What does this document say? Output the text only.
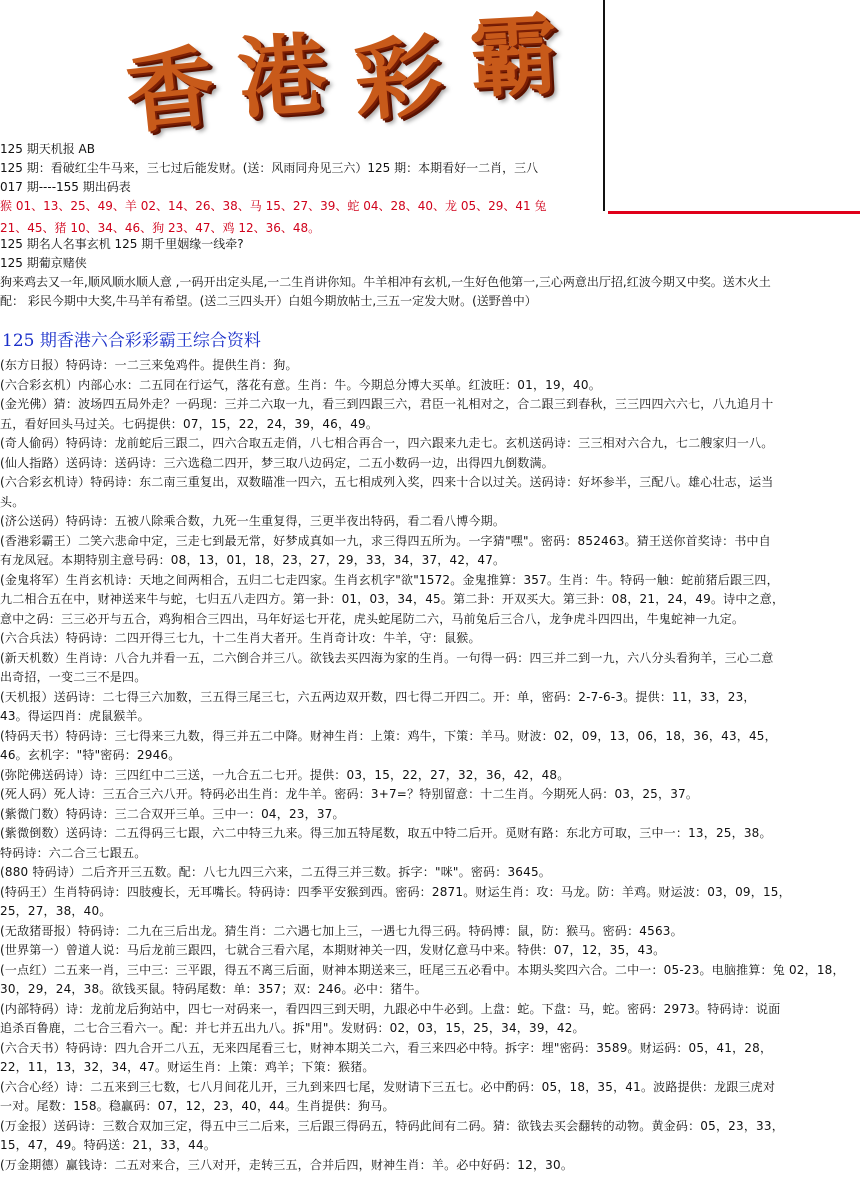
香 港 彩 霸
125 期天机报 AB
125 期：看破红尘牛马来，三七过后能发财。(送：风雨同舟见三六）125 期：本期看好一二肖，三八
017 期----155 期出码表
猴 01、13、25、49、羊 02、14、26、38、马 15、27、39、蛇 04、28、40、龙 05、29、41 兔
21、45、猪 10、34、46、狗 23、47、鸡 12、36、48。
125 期名人名事玄机 125 期千里姻缘一线牵?
125 期葡京赌侠
狗来鸡去又一年,顺风顺水顺人意 ,一码开出定头尾,一二生肖讲你知。牛羊相冲有玄机,一生好色他第一,三心两意出厅招,红波今期又中奖。送木火土
配： 彩民今期中大奖,牛马羊有希望。(送二三四头开）白姐今期放帖士,三五一定发大财。(送野兽中）
125 期香港六合彩彩霸王综合资料
(东方日报）特码诗：一二三来兔鸡件。提供生肖：狗。
(六合彩玄机）内部心水：二五同在行运气，落花有意。生肖：牛。今期总分博大买单。红波旺：01，19，40。
(金光佛）猜：波场四五局外走？一码现：三并二六取一九，看三到四跟三六，君臣一礼相对之，合二跟三到春秋，三三四四六六七，八九追月十
五，看好回头马过关。七码提供：07，15，22，24，39，46，49。
(奇人偷码）特码诗：龙前蛇后三跟二，四六合取五走俏，八七相合再合一，四六跟来九走七。玄机送码诗：三三相对六合九，七二艘家归一八。
(仙人指路）送码诗：送码诗：三六选稳二四开，梦三取八边码定，二五小数码一边，出得四九倒数满。
(六合彩玄机诗）特码诗：东二南三重复出，双数瞄准一四六，五七相成列入奖，四来十合以过关。送码诗：好坏参半，三配八。雄心壮志，运当
头。
(济公送码）特码诗：五被八除乘合数，九死一生重复得，三更半夜出特码，看二看八博今期。
(香港彩霸王）二笑六悲命中定，三走七到最无常，好梦成真如一九，求三得四五所为。一字猜"嘿"。密码：852463。猜王送你首奖诗：书中自
有龙凤冠。本期特别主意号码：08，13，01，18，23，27，29，33，34，37，42，47。
(金鬼将军）生肖玄机诗：天地之间两相合，五归二七走四家。生肖玄机字"欲"1572。金鬼推算：357。生肖：牛。特码一触：蛇前猪后跟三四，
九二相合五在中，财神送来牛与蛇，七归五八走四方。第一卦：01，03，34，45。第二卦：开双买大。第三卦：08，21，24，49。诗中之意，
意中之码：三三必开与五合，鸡狗相合三四出，马年好运七开花，虎头蛇尾防二六，马前兔后三合八，龙争虎斗四四出，牛鬼蛇神一九定。
(六合兵法）特码诗：二四开得三七九，十二生肖大者开。生肖奇计攻：牛羊，守：鼠猴。
(新天机数）生肖诗：八合九并看一五，二六倒合并三八。欲钱去买四海为家的生肖。一句得一码：四三并二到一九，六八分头看狗羊，三心二意
出奇招，一变二三不是四。
(天机报）送码诗：二七得三六加数，三五得三尾三七，六五两边双开数，四七得二开四二。开：单，密码：2-7-6-3。提供：11，33，23，
43。得运四肖：虎鼠猴羊。
(特码天书）特码诗：三七得来三九数，得三并五二中降。财神生肖：上策：鸡牛，下策：羊马。财波：02，09，13，06，18，36，43，45，
46。玄机字："特"密码：2946。
(弥陀佛送码诗）诗：三四红中二三送，一九合五二七开。提供：03，15，22，27，32，36，42，48。
(死人码）死人诗：三五合三六八开。特码必出生肖：龙牛羊。密码：3+7=？特别留意：十二生肖。今期死人码：03，25，37。
(紫微门数）特码诗：三二合双开三单。三中一：04，23，37。
(紫微倒数）送码诗：二五得码三七跟，六二中特三九来。得三加五特尾数，取五中特二后开。觅财有路：东北方可取，三中一：13，25，38。
特码诗：六二合三七跟五。
(880 特码诗）二后齐开三五数。配：八七九四三六来，二五得三并三数。拆字："咪"。密码：3645。
(特码王）生肖特码诗：四肢瘦长，无耳嘴长。特码诗：四季平安猴到西。密码：2871。财运生肖：攻：马龙。防：羊鸡。财运波：03，09，15，
25，27，38，40。
(无敌猪哥报）特码诗：二九在三后出龙。猜生肖：二六遇七加上三，一遇七九得三码。特码博：鼠，防：猴马。密码：4563。
(世界第一）曾道人说：马后龙前三跟四，七就合三看六尾，本期财神关一四，发财亿意马中来。特供：07，12，35，43。
(一点红）二五来一肖，三中三：三平跟，得五不离三后面，财神本期送来三，旺尾三五必看中。本期头奖四六合。二中一：05-23。电脑推算：兔 02，18，
30，29，24，38。欲钱买鼠。特码尾数：单：357；双：246。必中：猪牛。
(内部特码）诗：龙前龙后狗站中，四七一对码来一，看四四三到天明，九跟必中牛必到。上盘：蛇。下盘：马，蛇。密码：2973。特码诗：说面
追杀百鲁鹿，二七合三看六一。配：并七并五出九八。拆"用"。发财码：02，03，15，25，34，39，42。
(六合天书）特码诗：四九合开二八五，无来四尾看三七，财神本期关二六，看三来四必中特。拆字：埋"密码：3589。财运码：05，41，28，
22，11，13，32，34，47。财运生肖：上策：鸡羊；下策：猴猪。
(六合心经）诗：二五来到三七数，七八月间花儿开，三九到来四七尾，发财请下三五七。必中酌码：05，18，35，41。波路提供：龙跟三虎对
一对。尾数：158。稳赢码：07，12，23，40，44。生肖提供：狗马。
(万金报）送码诗：三数合双加三定，得五中三二后来，三后跟三得码五，特码此间有二码。猜：欲钱去买会翻转的动物。黄金码：05，23，33，
15，47，49。特码送：21，33，44。
(万金期德）赢钱诗：二五对来合，三八对开，走转三五，合并后四，财神生肖：羊。必中好码：12，30。
